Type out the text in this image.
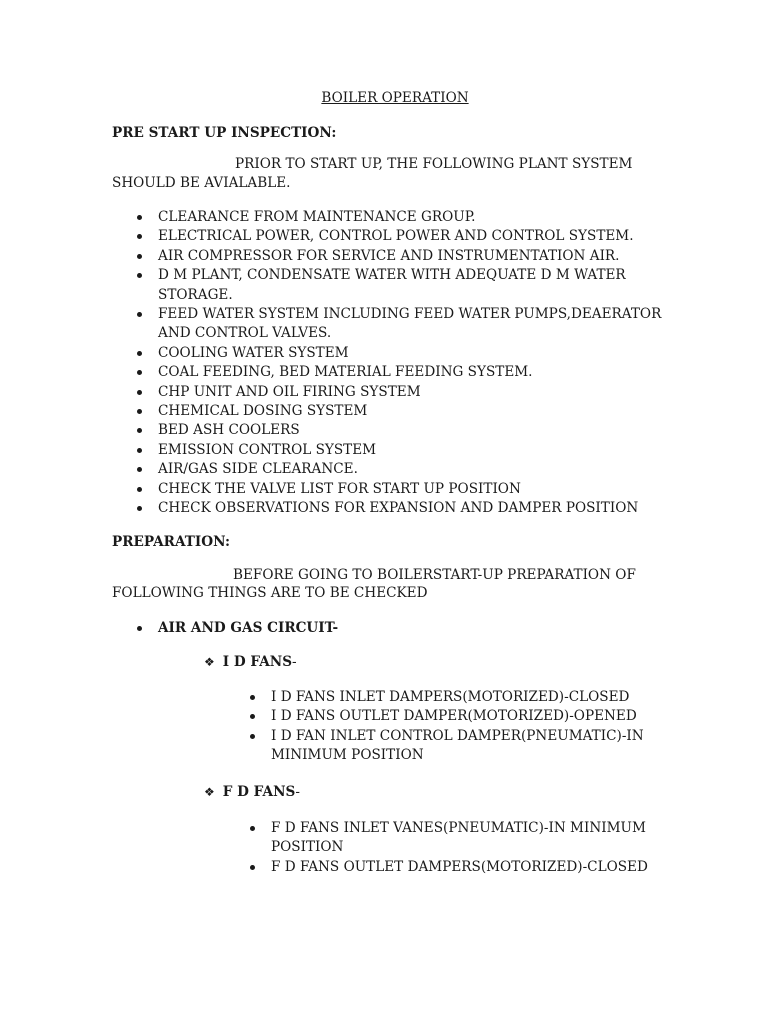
BOILER OPERATION
PRE START UP INSPECTION:
PRIOR TO START UP, THE FOLLOWING PLANT SYSTEM
SHOULD BE AVIALABLE.
CLEARANCE FROM MAINTENANCE GROUP.
ELECTRICAL POWER, CONTROL POWER AND CONTROL SYSTEM.
AIR COMPRESSOR FOR SERVICE AND INSTRUMENTATION AIR.
D M PLANT, CONDENSATE WATER WITH ADEQUATE D M WATER
STORAGE.
FEED WATER SYSTEM INCLUDING FEED WATER PUMPS,DEAERATOR
AND CONTROL VALVES.
COOLING WATER SYSTEM
COAL FEEDING, BED MATERIAL FEEDING SYSTEM.
CHP UNIT AND OIL FIRING SYSTEM
CHEMICAL DOSING SYSTEM
BED ASH COOLERS
EMISSION CONTROL SYSTEM
AIR/GAS SIDE CLEARANCE.
CHECK THE VALVE LIST FOR START UP POSITION
CHECK OBSERVATIONS FOR EXPANSION AND DAMPER POSITION
PREPARATION:
BEFORE GOING TO BOILERSTART-UP PREPARATION OF
FOLLOWING THINGS ARE TO BE CHECKED
AIR AND GAS CIRCUIT-
❖ I D FANS-
I D FANS INLET DAMPERS(MOTORIZED)-CLOSED
I D FANS OUTLET DAMPER(MOTORIZED)-OPENED
I D FAN INLET CONTROL DAMPER(PNEUMATIC)-IN
MINIMUM POSITION
❖ F D FANS-
F D FANS INLET VANES(PNEUMATIC)-IN MINIMUM
POSITION
F D FANS OUTLET DAMPERS(MOTORIZED)-CLOSED
